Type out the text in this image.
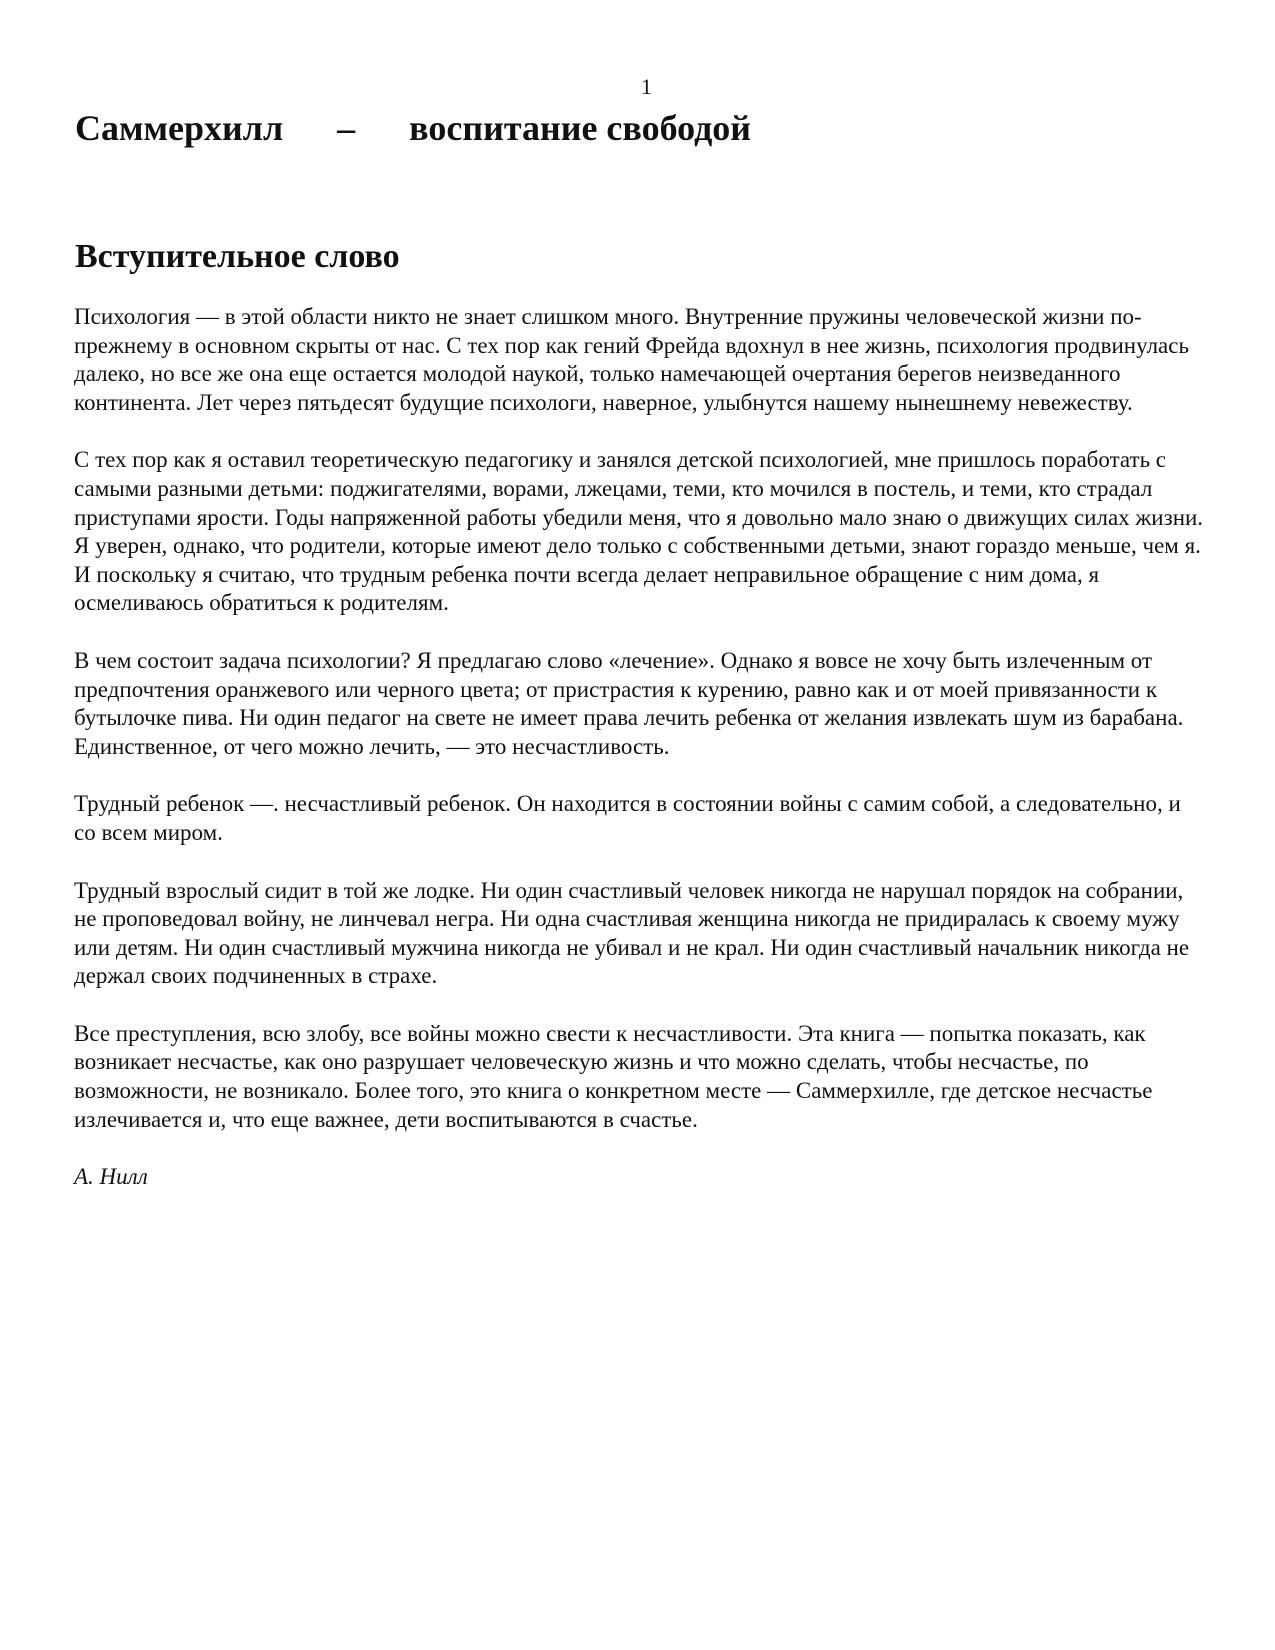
1
Саммерхилл      –      воспитание свободой
Вступительное слово

Психология — в этой области никто не знает слишком много. Внутренние пружины человеческой жизни по-прежнему в основном скрыты от нас. С тех пор как гений Фрейда вдохнул в нее жизнь, психология продвинулась далеко, но все же она еще остается молодой наукой, только намечающей очертания берегов неизведанного континента. Лет через пятьдесят будущие психологи, наверное, улыбнутся нашему нынешнему невежеству.

С тех пор как я оставил теоретическую педагогику и занялся детской психологией, мне пришлось поработать с самыми разными детьми: поджигателями, ворами, лжецами, теми, кто мочился в постель, и теми, кто страдал приступами ярости. Годы напряженной работы убедили меня, что я довольно мало знаю о движущих силах жизни. Я уверен, однако, что родители, которые имеют дело только с собственными детьми, знают гораздо меньше, чем я. И поскольку я считаю, что трудным ребенка почти всегда делает неправильное обращение с ним дома, я осмеливаюсь обратиться к родителям.

В чем состоит задача психологии? Я предлагаю слово «лечение». Однако я вовсе не хочу быть излеченным от предпочтения оранжевого или черного цвета; от пристрастия к курению, равно как и от моей привязанности к бутылочке пива. Ни один педагог на свете не имеет права лечить ребенка от желания извлекать шум из барабана. Единственное, от чего можно лечить, — это несчастливость.

Трудный ребенок —. несчастливый ребенок. Он находится в состоянии войны с самим собой, а следовательно, и со всем миром.

Трудный взрослый сидит в той же лодке. Ни один счастливый человек никогда не нарушал порядок на собрании, не проповедовал войну, не линчевал негра. Ни одна счастливая женщина никогда не придиралась к своему мужу или детям. Ни один счастливый мужчина никогда не убивал и не крал. Ни один счастливый начальник никогда не держал своих подчиненных в страхе.

Все преступления, всю злобу, все войны можно свести к несчастливости. Эта книга — попытка показать, как возникает несчастье, как оно разрушает человеческую жизнь и что можно сделать, чтобы несчастье, по возможности, не возникало. Более того, это книга о конкретном месте — Саммерхилле, где детское несчастье излечивается и, что еще важнее, дети воспитываются в счастье.

А. Нилл
